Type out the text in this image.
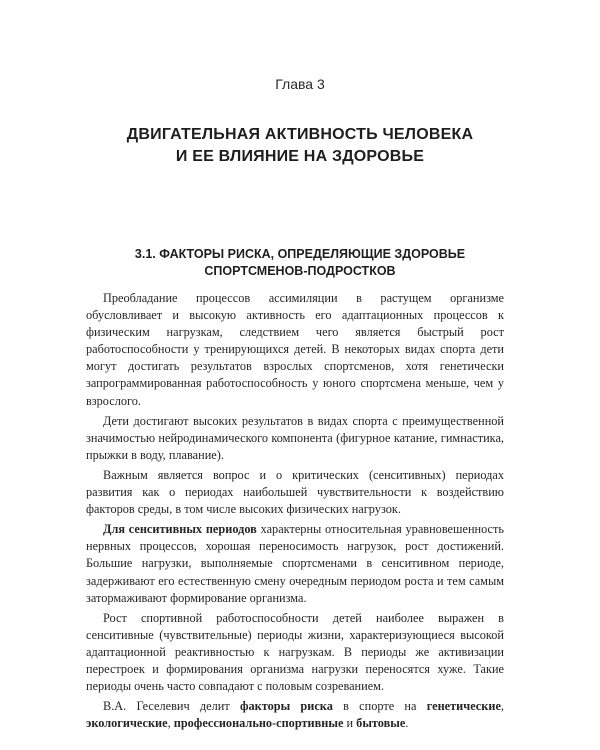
Глава 3
ДВИГАТЕЛЬНАЯ АКТИВНОСТЬ ЧЕЛОВЕКА
И ЕЕ ВЛИЯНИЕ НА ЗДОРОВЬЕ
3.1. ФАКТОРЫ РИСКА, ОПРЕДЕЛЯЮЩИЕ ЗДОРОВЬЕ
СПОРТСМЕНОВ-ПОДРОСТКОВ

Преобладание процессов ассимиляции в растущем организме обусловливает и высокую активность его адаптационных процессов к физическим нагрузкам, следствием чего является быстрый рост работоспособности у тренирующихся детей. В некоторых видах спорта дети могут достигать результатов взрослых спортсменов, хотя генетически запрограммированная работоспособность у юного спортсмена меньше, чем у взрослого.

Дети достигают высоких результатов в видах спорта с преимущественной значимостью нейродинамического компонента (фигурное катание, гимнастика, прыжки в воду, плавание).

Важным является вопрос и о критических (сенситивных) периодах развития как о периодах наибольшей чувствительности к воздействию факторов среды, в том числе высоких физических нагрузок.

Для сенситивных периодов характерны относительная уравновешенность нервных процессов, хорошая переносимость нагрузок, рост достижений. Большие нагрузки, выполняемые спортсменами в сенситивном периоде, задерживают его естественную смену очередным периодом роста и тем самым затормаживают формирование организма.

Рост спортивной работоспособности детей наиболее выражен в сенситивные (чувствительные) периоды жизни, характеризующиеся высокой адаптационной реактивностью к нагрузкам. В периоды же активизации перестроек и формирования организма нагрузки переносятся хуже. Такие периоды очень часто совпадают с половым созреванием.

В.А. Геселевич делит факторы риска в спорте на генетические, экологические, профессионально-спортивные и бытовые.
